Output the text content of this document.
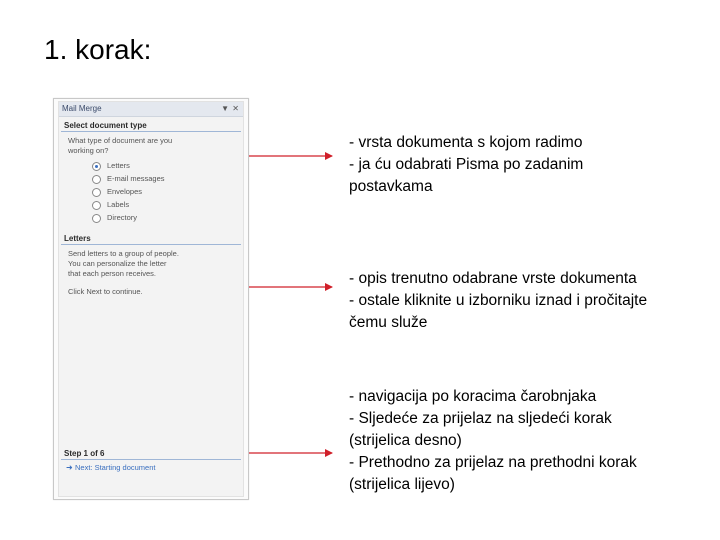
1. korak:
Mail Merge	▼ ✕
Select document type
What type of document are you
working on?
Letters
E-mail messages
Envelopes
Labels
Directory
Letters
Send letters to a group of people.
You can personalize the letter
that each person receives.
Click Next to continue.
Step 1 of 6
➜ Next: Starting document
- vrsta dokumenta s kojom radimo
- ja ću odabrati Pisma po zadanim
postavkama
- opis trenutno odabrane vrste dokumenta
- ostale kliknite u izborniku iznad i pročitajte
čemu služe
- navigacija po koracima čarobnjaka
- Sljedeće za prijelaz na sljedeći korak
(strijelica desno)
- Prethodno za prijelaz na prethodni korak
(strijelica lijevo)
